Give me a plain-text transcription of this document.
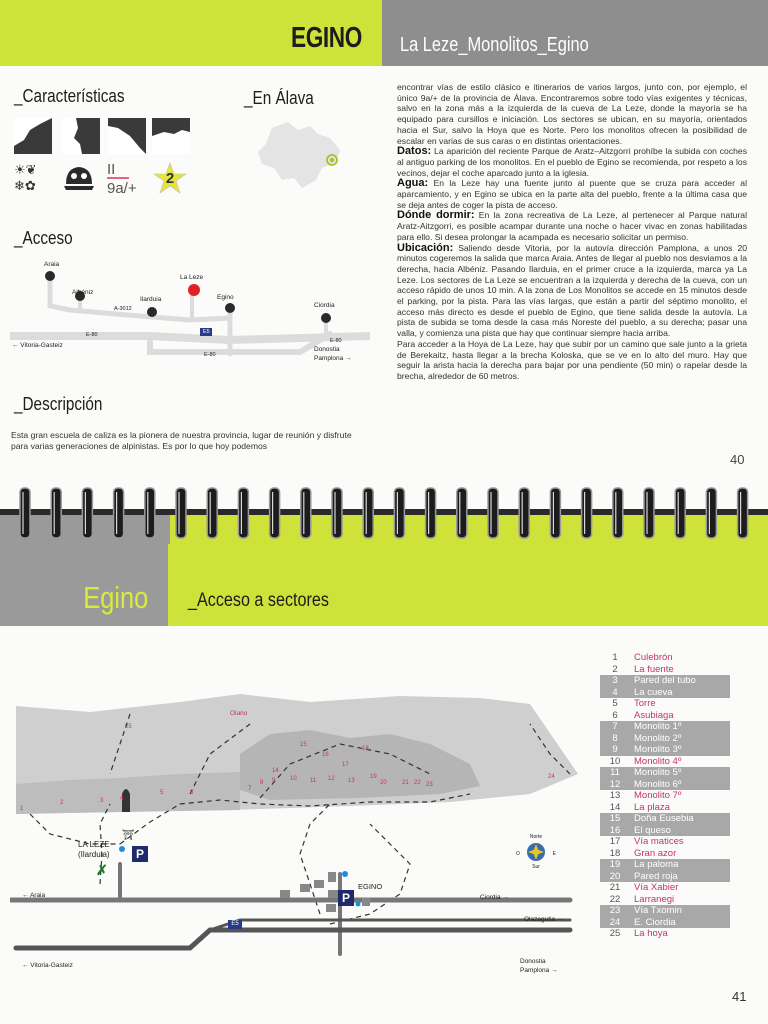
EGINO La Leze_Monolitos_Egino
_Características	_En Álava
☀❦
❄✿
II
9a/+
2
_Acceso
Araia
Albéniz
A-3012
Ilarduia
La Leze
Egino
Ciordia
E-80	E5
E-80
E-80
← Vitoria-Gasteiz
Donostia
Pamplona →
_Descripción
Esta gran escuela de caliza es la pionera de nuestra provincia, lugar de reunión y disfrute para varias generaciones de alpinistas. Es por lo que hoy podemos

encontrar vías de estilo clásico e itinerarios de varios largos, junto con, por ejemplo, el único 9a/+ de la provincia de Álava. Encontraremos sobre todo vías exigentes y técnicas, salvo en la zona más a la izquierda de la cueva de La Leze, donde la mayoría se ha equipado para cursillos e iniciación. Los sectores se ubican, en su mayoría, orientados hacia el Sur, salvo la Hoya que es Norte. Pero los monolitos ofrecen la posibilidad de escalar en varias de sus caras o en distintas orientaciones.

Datos: La aparición del reciente Parque de Aratz–Aitzgorri prohíbe la subida con coches al antiguo parking de los monolitos. En el pueblo de Egino se recomienda, por respeto a los vecinos, dejar el coche aparcado junto a la iglesia.

Agua: En la Leze hay una fuente junto al puente que se cruza para acceder al aparcamiento, y en Egino se ubica en la parte alta del pueblo, frente a la última casa que se deja antes de coger la pista de acceso.

Dónde dormir: En la zona recreativa de La Leze, al pertenecer al Parque natural Aratz-Aitzgorri, es posible acampar durante una noche o hacer vivac en zonas habilitadas para ello. Si desea prolongar la acampada es necesario solicitar un permiso.

Ubicación: Saliendo desde Vitoria, por la autovía dirección Pamplona, a unos 20 minutos cogeremos la salida que marca Araia. Antes de llegar al pueblo nos desviamos a la derecha, hacia Albéniz. Pasando Ilarduia, en el primer cruce a la izquierda, marca ya La Leze. Los sectores de La Leze se encuentran a la izquierda y derecha de la cueva, con un acceso rápido de unos 10 min. A la zona de Los Monolitos se accede en 15 minutos desde el parking, por la pista. Para las vías largas, que están a partir del séptimo monolito, el acceso más directo es desde el pueblo de Egino, que tiene salida desde la autovía. La pista de subida se toma desde la casa más Noreste del pueblo, a su derecha; pasar una valla, y comienza una pista que hay que continuar siempre hacia arriba.

Para acceder a la Hoya de La Leze, hay que subir por un camino que sale junto a la grieta de Berekaitz, hasta llegar a la brecha Koloska, que se ve en lo alto del muro. Hay que seguir la arista hacia la derecha para bajar por una pendiente (50 min) o rapelar desde la brecha, alrededor de 60 metros.

40
Egino _Acceso a sectores
1
2	3	4
25
5	6
7
8 9 10 11 12 13
14
15
16
17
18
19
20	21 22 23
24
Olano
LA LEZE
(Ilarduia)
✗
⛩
P
EGINO
P
← Araia	Ciordia →
Olazagutia →
E5
← Vitoria-Gasteiz
Donostia
Pamplona →
Norte
O	E
Sur
1	Culebrón
2	La fuente
3	Pared del tubo
4	La cueva
5	Torre
6	Asubiaga
7	Monolito 1º
8	Monolito 2º
9	Monolito 3º
10	Monolito 4º
11	Monolito 5º
12	Monolito 6º
13	Monolito 7º
14	La plaza
15	Doña Eusebia
16	El queso
17	Vía matices
18	Gran azor
19	La paloma
20	Pared roja
21	Vía Xabier
22	Larranegi
23	Vía Txomin
24	E. Ciordia
25	La hoya
41
